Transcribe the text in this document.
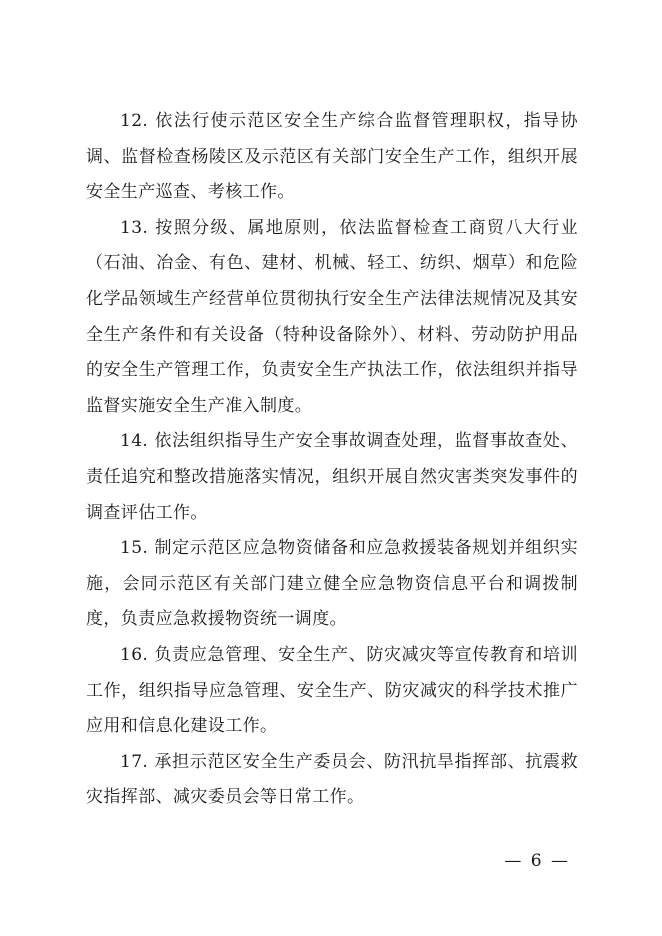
12. 依法行使示范区安全生产综合监督管理职权，指导协调、监督检查杨陵区及示范区有关部门安全生产工作，组织开展安全生产巡查、考核工作。

13. 按照分级、属地原则，依法监督检查工商贸八大行业（石油、冶金、有色、建材、机械、轻工、纺织、烟草）和危险化学品领域生产经营单位贯彻执行安全生产法律法规情况及其安全生产条件和有关设备（特种设备除外）、材料、劳动防护用品的安全生产管理工作，负责安全生产执法工作，依法组织并指导监督实施安全生产准入制度。

14. 依法组织指导生产安全事故调查处理，监督事故查处、责任追究和整改措施落实情况，组织开展自然灾害类突发事件的调查评估工作。

15. 制定示范区应急物资储备和应急救援装备规划并组织实施，会同示范区有关部门建立健全应急物资信息平台和调拨制度，负责应急救援物资统一调度。

16. 负责应急管理、安全生产、防灾减灾等宣传教育和培训工作，组织指导应急管理、安全生产、防灾减灾的科学技术推广应用和信息化建设工作。

17. 承担示范区安全生产委员会、防汛抗旱指挥部、抗震救灾指挥部、减灾委员会等日常工作。

— 6 —
